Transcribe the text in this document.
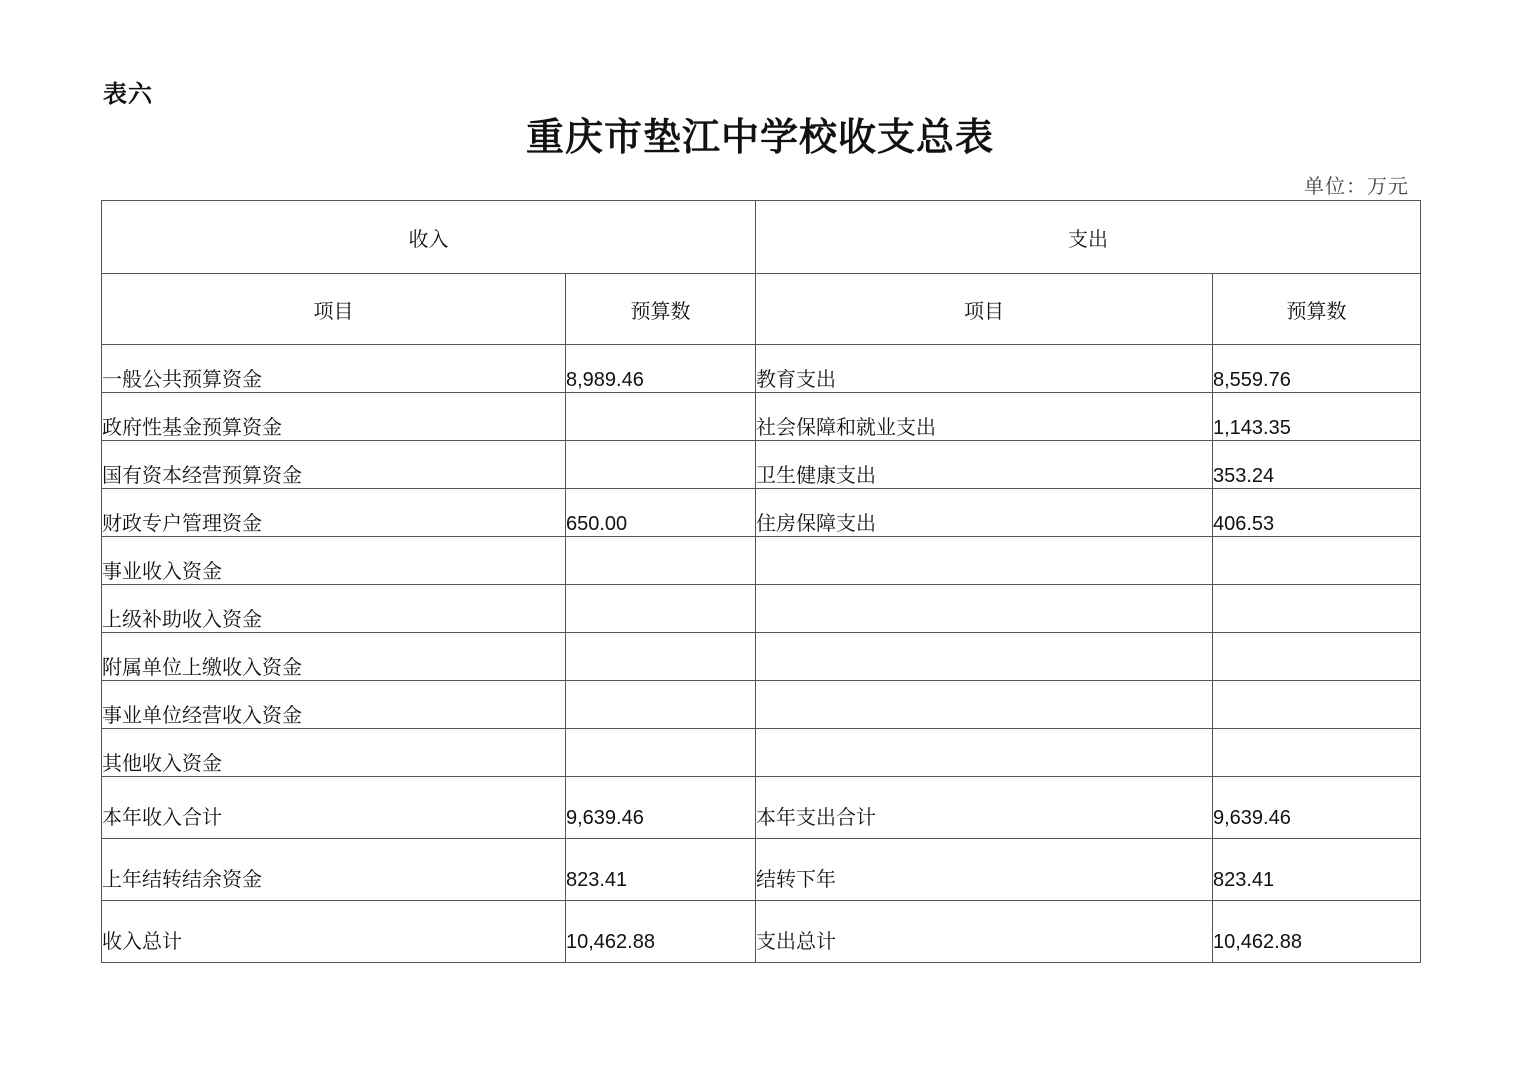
表六
重庆市垫江中学校收支总表
单位：万元
收入		支出	
项目	预算数	项目	预算数
一般公共预算资金	8,989.46	教育支出	8,559.76
政府性基金预算资金		社会保障和就业支出	1,143.35
国有资本经营预算资金		卫生健康支出	353.24
财政专户管理资金	650.00	住房保障支出	406.53
事业收入资金			
上级补助收入资金			
附属单位上缴收入资金			
事业单位经营收入资金			
其他收入资金			
本年收入合计	9,639.46	本年支出合计	9,639.46
上年结转结余资金	823.41	结转下年	823.41
收入总计	10,462.88	支出总计	10,462.88
